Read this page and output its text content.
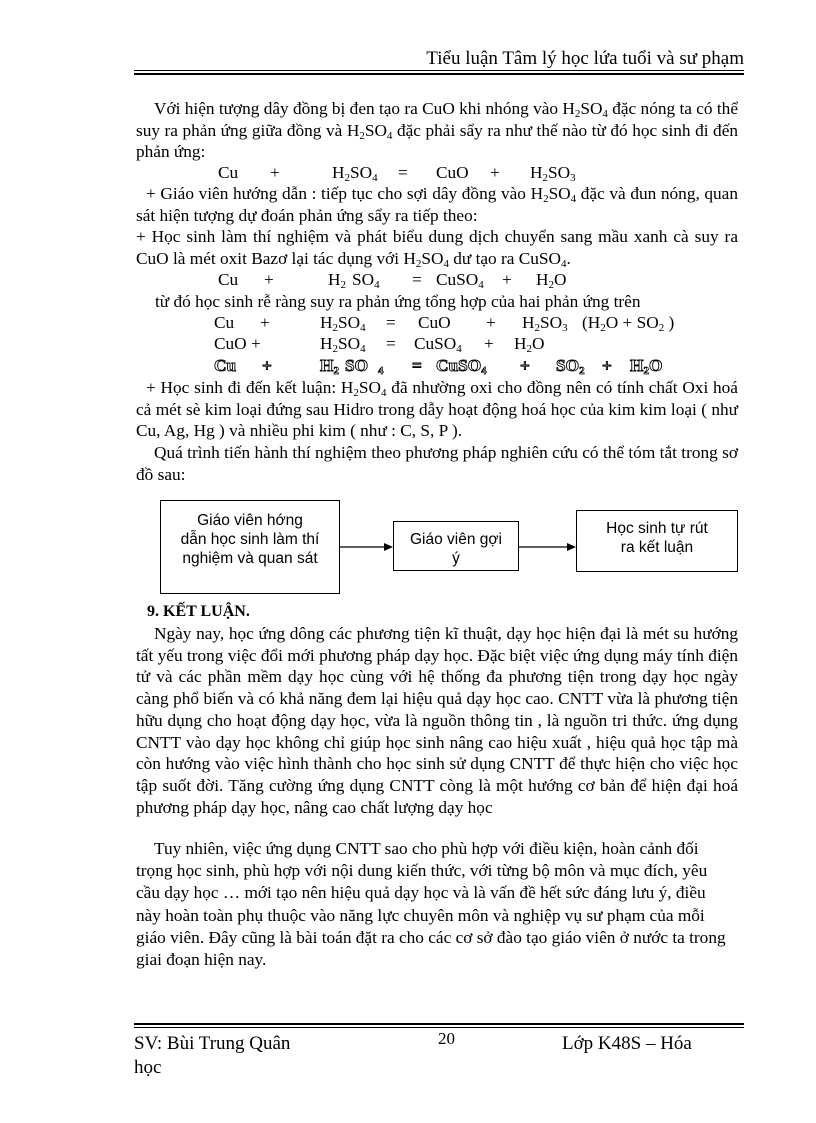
Tiểu luận Tâm lý học lứa tuổi và sư phạm
Với hiện tượng dây đồng bị đen tạo ra CuO khi nhóng vào $H_2SO_4$ đặc nóng ta có thể suy ra phản ứng giữa đồng và $H_2SO_4$ đặc phải sẩy ra như thế nào từ đó học sinh đi đến phản ứng:
Cu +	$H_2SO_4$ = CuO + $H_2SO_3$
+ Giáo viên hướng dẫn : tiếp tục cho sợi dây đồng vào $H_2SO_4$ đặc và đun nóng, quan sát hiện tượng dự đoán phản ứng sẩy ra tiếp theo:
+ Học sinh làm thí nghiệm và phát biểu dung dịch chuyển sang mầu xanh cà suy ra CuO là mét oxit Bazơ lại tác dụng với $H_2SO_4$ dư tạo ra CuSO$_4$.
Cu +	$H_2$ $SO_4$ = CuSO$_4$ + $H_2O$
từ đó học sinh rễ ràng suy ra phản ứng tổng hợp của hai phản ứng trên
Cu +	$H_2SO_4$ = CuO + $H_2SO_3$ ($H_2O + SO_2$ )
CuO +	$H_2SO_4$ = CuSO$_4$ + $H_2O$
Cu +	$H_2$ SO $_4$ = CuSO$_4$ + $SO_2 + H_2O$
+ Học sinh đi đến kết luận: $H_2SO_4$ đã nhường oxi cho đồng nên có tính chất Oxi hoá cả mét sè kim loại đứng sau Hidro trong dẫy hoạt động hoá học của kim kim loại ( như Cu, Ag, Hg ) và nhiều phi kim ( như : C, S, P ).
Quá trình tiến hành thí nghiệm theo phương pháp nghiên cứu có thể tóm tắt trong sơ đồ sau:
Giáo viên hớng
dẫn học sinh làm thí
nghiệm và quan sát
Giáo viên gợi
ý
Học sinh tự rút
ra kết luận
9. KẾT LUẬN.
Ngày nay, học ứng dông các phương tiện kĩ thuật, dạy học hiện đại là mét su hướng tất yếu trong việc đổi mới phương pháp dạy học. Đặc biệt việc ứng dụng máy tính điện tử và các phần mềm dạy học cùng với hệ thống đa phương tiện trong dạy học ngày càng phổ biến và có khả năng đem lại hiệu quả dạy học cao. CNTT vừa là phương tiện hữu dụng cho hoạt động dạy học, vừa là nguồn thông tin , là nguồn tri thức. ứng dụng CNTT vào dạy học không chỉ giúp học sinh nâng cao hiệu xuất , hiệu quả học tập mà còn hướng vào việc hình thành cho học sinh sử dụng CNTT để thực hiện cho việc học tập suốt đời. Tăng cường ứng dụng CNTT còng là một hướng cơ bản để hiện đại hoá phương pháp dạy học, nâng cao chất lượng dạy học
Tuy nhiên, việc ứng dụng CNTT sao cho phù hợp với điều kiện, hoàn cảnh đối trọng học sinh, phù hợp với nội dung kiến thức, với từng bộ môn và mục đích, yêu cầu dạy học … mới tạo nên hiệu quả dạy học và là vấn đề hết sức đáng lưu ý, điều này hoàn toàn phụ thuộc vào năng lực chuyên môn và nghiệp vụ sư phạm của mỗi giáo viên. Đây cũng là bài toán đặt ra cho các cơ sở đào tạo giáo viên ở nước ta trong giai đoạn hiện nay.
SV: Bùi Trung Quân	20	Lớp K48S – Hóa
học
